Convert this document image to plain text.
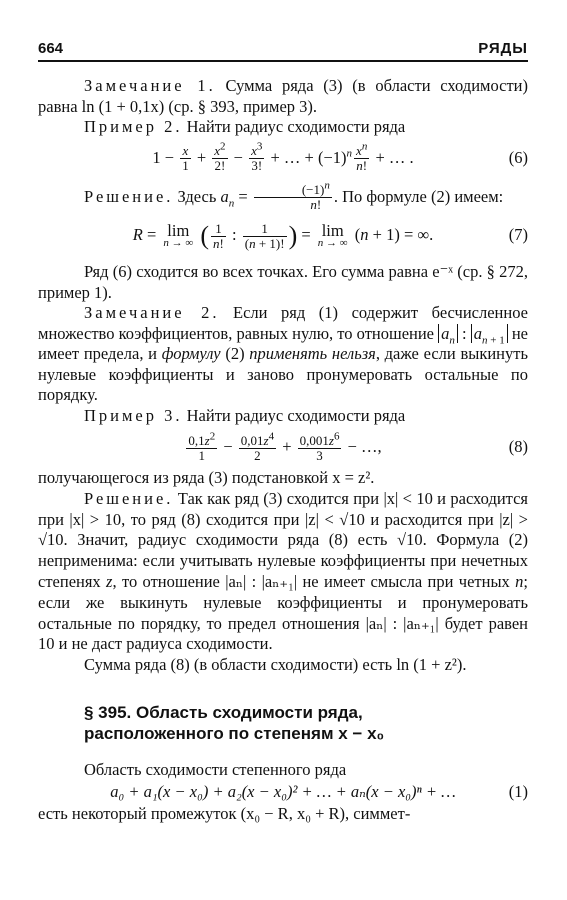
664	РЯДЫ

Замечание 1. Сумма ряда (3) (в области сходимости) равна ln (1 + 0,1x) (ср. § 393, пример 3).

Пример 2. Найти радиус сходимости ряда

$1 - \frac{x}{1} + \frac{x^2}{2!} - \frac{x^3}{3!}$ + … + $(-1)^n \frac{x^n}{n!}$ + … .	(6)

Решение. Здесь $a_n = \frac{(-1)^n}{n!}$ . По формуле (2) имеем:

R = lim
n → ∞ ( $\frac{1}{n!}$ : $\frac{1}{(n + 1)!}$ ) = lim
n → ∞ (n + 1) = ∞.	(7)

Ряд (6) сходится во всех точках. Его сумма равна e⁻ˣ (ср. § 272, пример 1).

Замечание 2. Если ряд (1) содержит бесчисленное множество коэффициентов, равных нулю, то отношение $a_n$ : $a_{n + 1}$ не имеет предела, и формулу (2) применять нельзя, даже если выкинуть нулевые коэффициенты и заново пронумеровать остальные по порядку.

Пример 3. Найти радиус сходимости ряда

$\frac{0,1z^2}{1} - \frac{0,01z^4}{2} + \frac{0,001z^6}{3}$ − …,	(8)

получающегося из ряда (3) подстановкой x = z².

Решение. Так как ряд (3) сходится при |x| < 10 и расходится при |x| > 10, то ряд (8) сходится при |z| < √10 и расходится при |z| > √10. Значит, радиус сходимости ряда (8) есть √10. Формула (2) неприменима: если учитывать нулевые коэффициенты при нечетных степенях z, то отношение |aₙ| : |aₙ₊₁| не имеет смысла при четных n; если же выкинуть нулевые коэффициенты и пронумеровать остальные по порядку, то предел отношения |aₙ| : |aₙ₊₁| будет равен 10 и не даст радиуса сходимости.

Сумма ряда (8) (в области сходимости) есть ln (1 + z²).

§ 395. Область сходимости ряда,

расположенного по степеням x − x₀

Область сходимости степенного ряда

a₀ + a₁(x − x₀) + a₂(x − x₀)² + … + aₙ(x − x₀)ⁿ + …	(1)

есть некоторый промежуток (x₀ − R, x₀ + R), симмет-
